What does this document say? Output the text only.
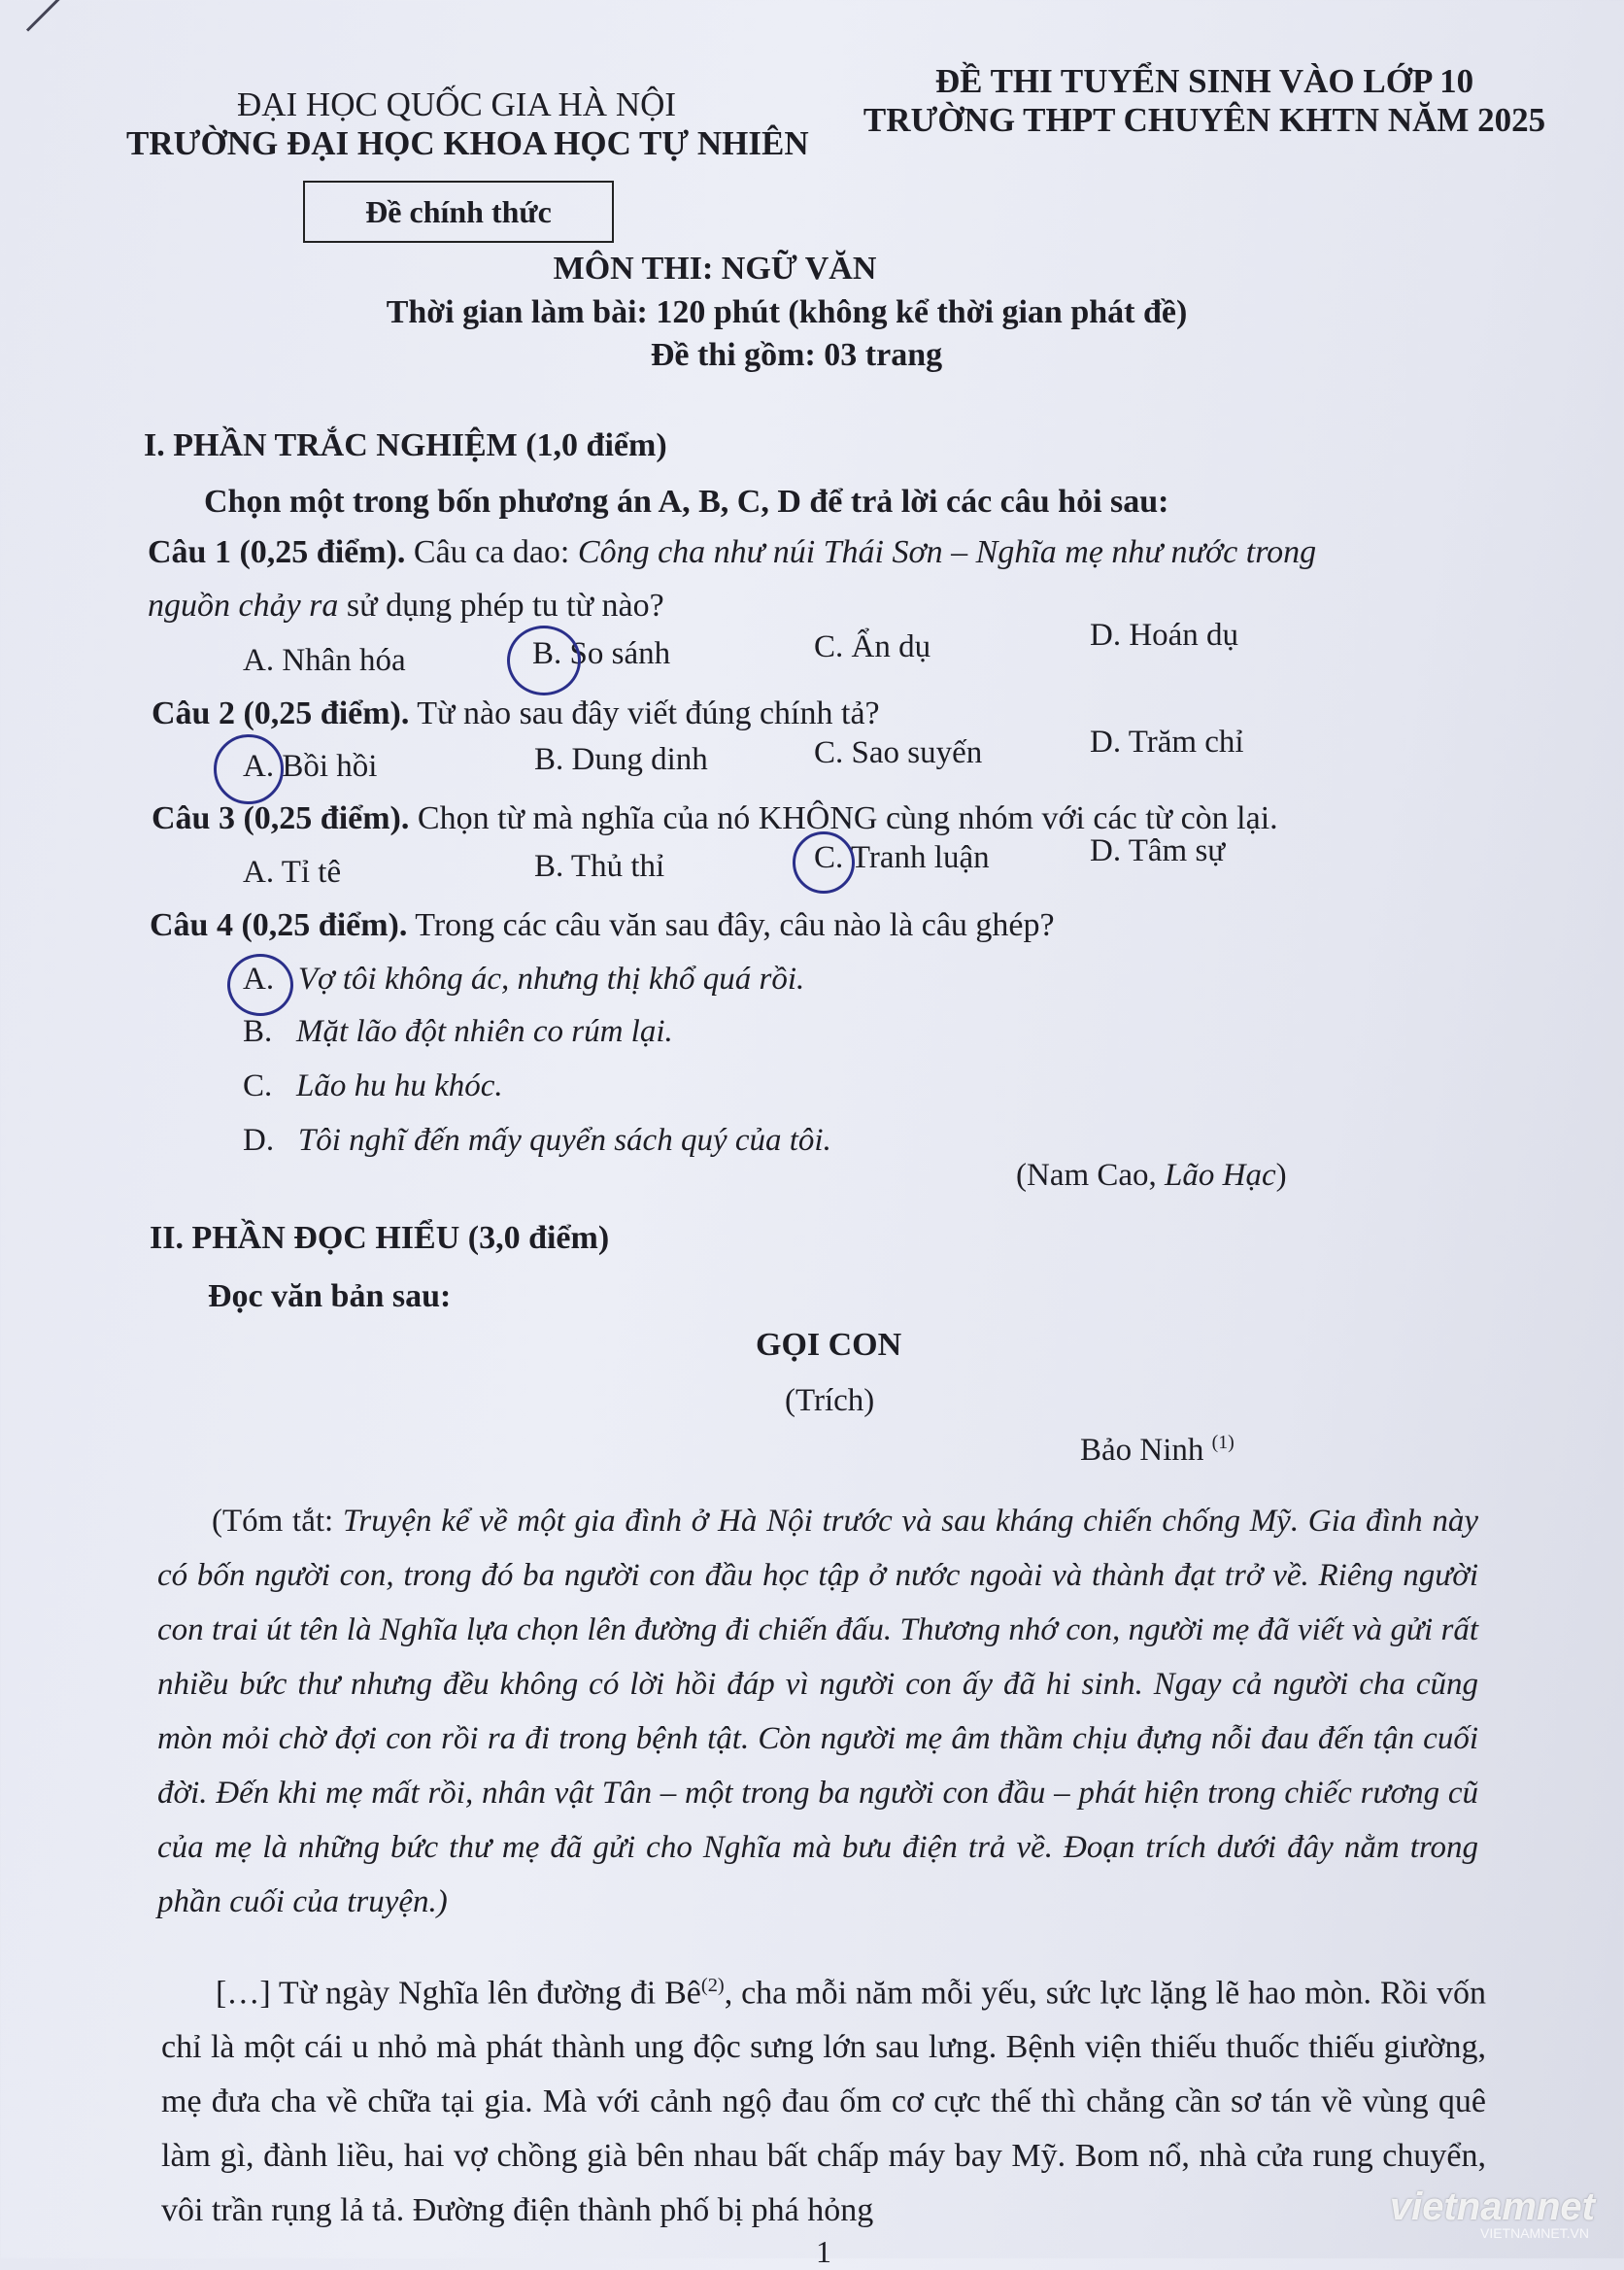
ĐẠI HỌC QUỐC GIA HÀ NỘI
TRƯỜNG ĐẠI HỌC KHOA HỌC TỰ NHIÊN
Đề chính thức
ĐỀ THI TUYỂN SINH VÀO LỚP 10
TRƯỜNG THPT CHUYÊN KHTN NĂM 2025
MÔN THI: NGỮ VĂN
Thời gian làm bài: 120 phút (không kể thời gian phát đề)
Đề thi gồm: 03 trang
I. PHẦN TRẮC NGHIỆM (1,0 điểm)
Chọn một trong bốn phương án A, B, C, D để trả lời các câu hỏi sau:
Câu 1 (0,25 điểm). Câu ca dao: Công cha như núi Thái Sơn – Nghĩa mẹ như nước trong
nguồn chảy ra sử dụng phép tu từ nào?
A. Nhân hóa	B. So sánh	C. Ẩn dụ	D. Hoán dụ
Câu 2 (0,25 điểm). Từ nào sau đây viết đúng chính tả?
A. Bồi hồi	B. Dung dinh	C. Sao suyến	D. Trăm chỉ
Câu 3 (0,25 điểm). Chọn từ mà nghĩa của nó KHÔNG cùng nhóm với các từ còn lại.
A. Tỉ tê	B. Thủ thỉ	C. Tranh luận	D. Tâm sự
Câu 4 (0,25 điểm). Trong các câu văn sau đây, câu nào là câu ghép?
A. Vợ tôi không ác, nhưng thị khổ quá rồi.
B. Mặt lão đột nhiên co rúm lại.
C. Lão hu hu khóc.
D. Tôi nghĩ đến mấy quyển sách quý của tôi.
(Nam Cao, Lão Hạc)
II. PHẦN ĐỌC HIỂU (3,0 điểm)
Đọc văn bản sau:
GỌI CON
(Trích)
Bảo Ninh $^{(1)}$
(Tóm tắt: Truyện kể về một gia đình ở Hà Nội trước và sau kháng chiến chống Mỹ. Gia đình này có bốn người con, trong đó ba người con đầu học tập ở nước ngoài và thành đạt trở về. Riêng người con trai út tên là Nghĩa lựa chọn lên đường đi chiến đấu. Thương nhớ con, người mẹ đã viết và gửi rất nhiều bức thư nhưng đều không có lời hồi đáp vì người con ấy đã hi sinh. Ngay cả người cha cũng mòn mỏi chờ đợi con rồi ra đi trong bệnh tật. Còn người mẹ âm thầm chịu đựng nỗi đau đến tận cuối đời. Đến khi mẹ mất rồi, nhân vật Tân – một trong ba người con đầu – phát hiện trong chiếc rương cũ của mẹ là những bức thư mẹ đã gửi cho Nghĩa mà bưu điện trả về. Đoạn trích dưới đây nằm trong phần cuối của truyện.)
[…] Từ ngày Nghĩa lên đường đi $Bê^{(2)}$, cha mỗi năm mỗi yếu, sức lực lặng lẽ hao mòn. Rồi vốn chỉ là một cái u nhỏ mà phát thành ung độc sưng lớn sau lưng. Bệnh viện thiếu thuốc thiếu giường, mẹ đưa cha về chữa tại gia. Mà với cảnh ngộ đau ốm cơ cực thế thì chẳng cần sơ tán về vùng quê làm gì, đành liều, hai vợ chồng già bên nhau bất chấp máy bay Mỹ. Bom nổ, nhà cửa rung chuyển, vôi trần rụng lả tả. Đường điện thành phố bị phá hỏng
1
vietnamnet
VIETNAMNET.VN
